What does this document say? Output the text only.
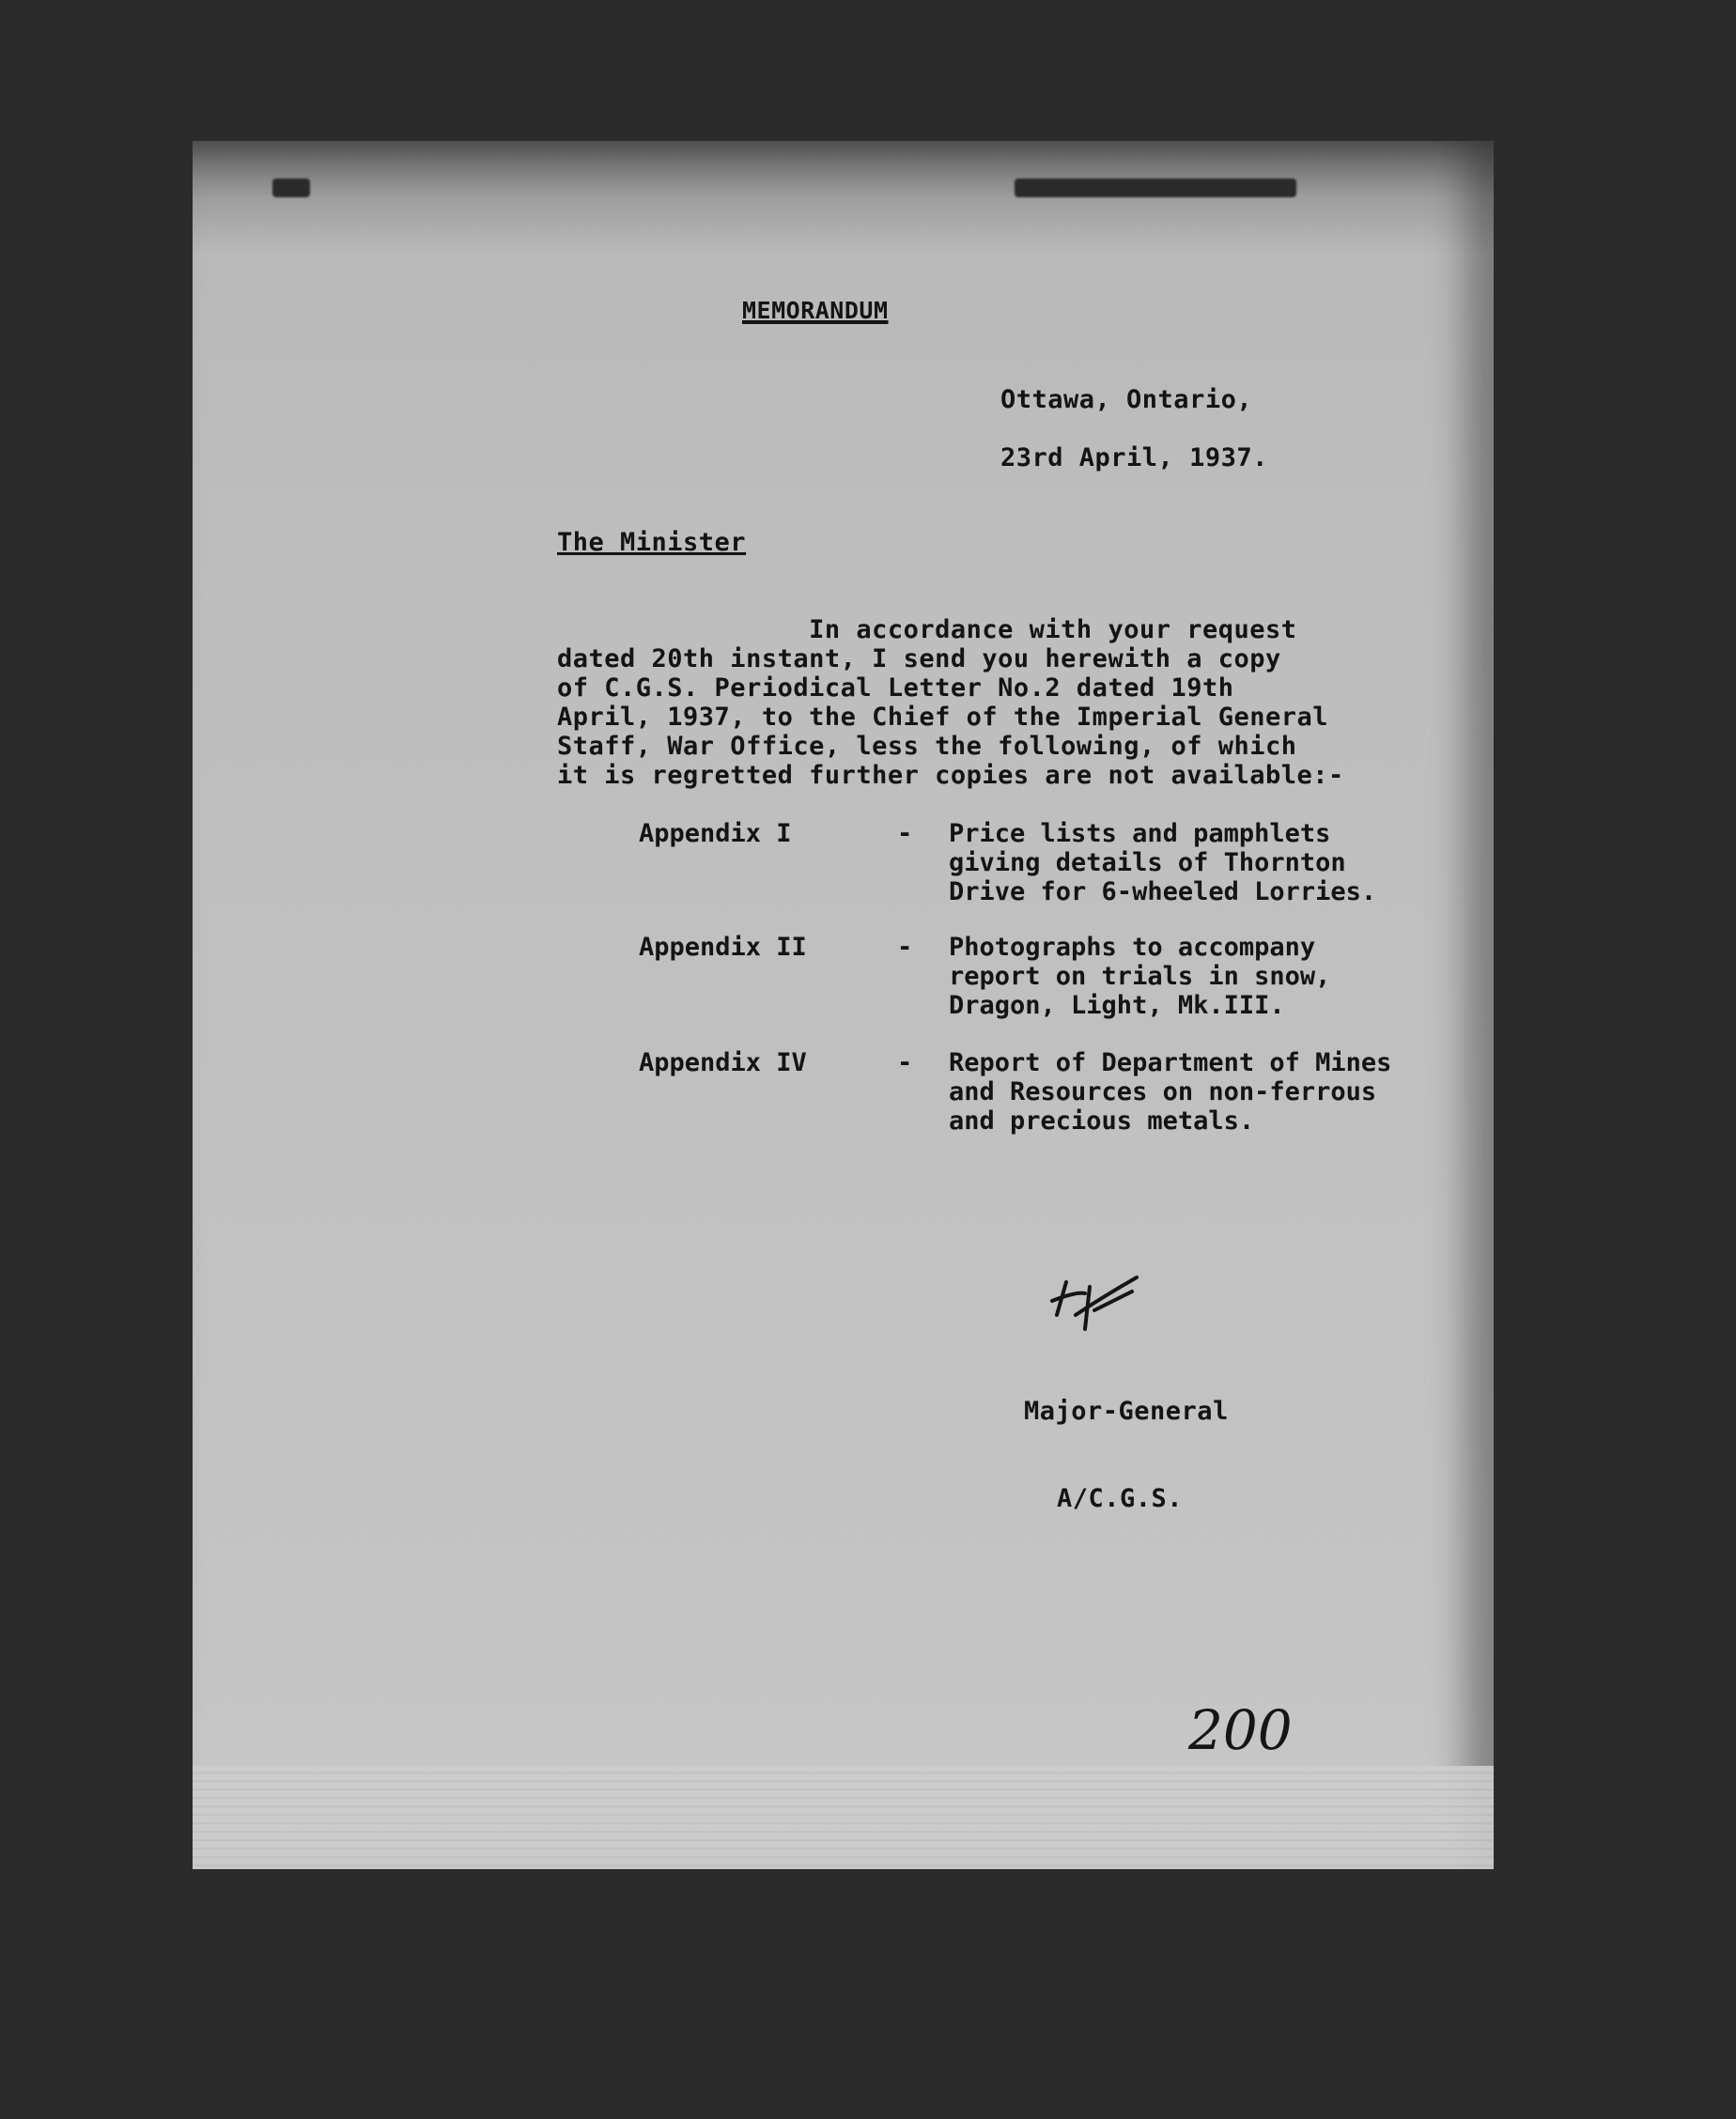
MEMORANDUM
Ottawa, Ontario,
23rd April, 1937.
The Minister
In accordance with your request
dated 20th instant, I send you herewith a copy
of C.G.S. Periodical Letter No.2 dated 19th
April, 1937, to the Chief of the Imperial General
Staff, War Office, less the following, of which
it is regretted further copies are not available:-
Appendix I	- Price lists and pamphlets
giving details of Thornton
Drive for 6-wheeled Lorries.
Appendix II	- Photographs to accompany
report on trials in snow,
Dragon, Light, Mk.III.
Appendix IV	- Report of Department of Mines
and Resources on non-ferrous
and precious metals.

Major-General

A/C.G.S.

200
